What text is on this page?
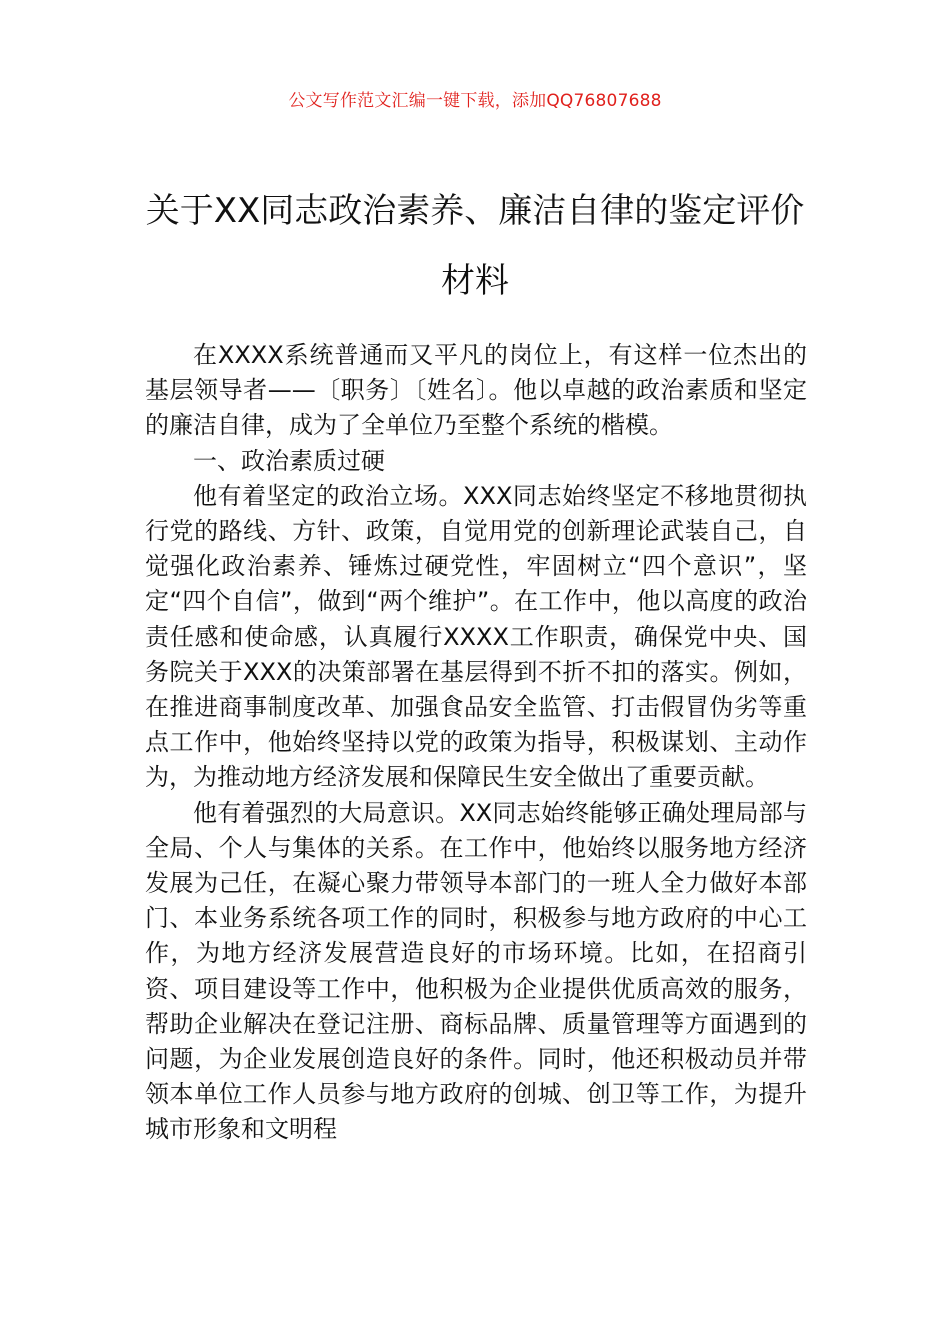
公文写作范文汇编一键下载，添加QQ76807688
关于XX同志政治素养、廉洁自律的鉴定评价材料

在XXXX系统普通而又平凡的岗位上，有这样一位杰出的基层领导者——〔职务〕〔姓名〕。他以卓越的政治素质和坚定的廉洁自律，成为了全单位乃至整个系统的楷模。

一、政治素质过硬

他有着坚定的政治立场。XXX同志始终坚定不移地贯彻执行党的路线、方针、政策，自觉用党的创新理论武装自己，自觉强化政治素养、锤炼过硬党性，牢固树立“四个意识”，坚定“四个自信”，做到“两个维护”。在工作中，他以高度的政治责任感和使命感，认真履行XXXX工作职责，确保党中央、国务院关于XXX的决策部署在基层得到不折不扣的落实。例如，在推进商事制度改革、加强食品安全监管、打击假冒伪劣等重点工作中，他始终坚持以党的政策为指导，积极谋划、主动作为，为推动地方经济发展和保障民生安全做出了重要贡献。

他有着强烈的大局意识。XX同志始终能够正确处理局部与全局、个人与集体的关系。在工作中，他始终以服务地方经济发展为己任，在凝心聚力带领导本部门的一班人全力做好本部门、本业务系统各项工作的同时，积极参与地方政府的中心工作，为地方经济发展营造良好的市场环境。比如，在招商引资、项目建设等工作中，他积极为企业提供优质高效的服务，帮助企业解决在登记注册、商标品牌、质量管理等方面遇到的问题，为企业发展创造良好的条件。同时，他还积极动员并带领本单位工作人员参与地方政府的创城、创卫等工作，为提升城市形象和文明程
